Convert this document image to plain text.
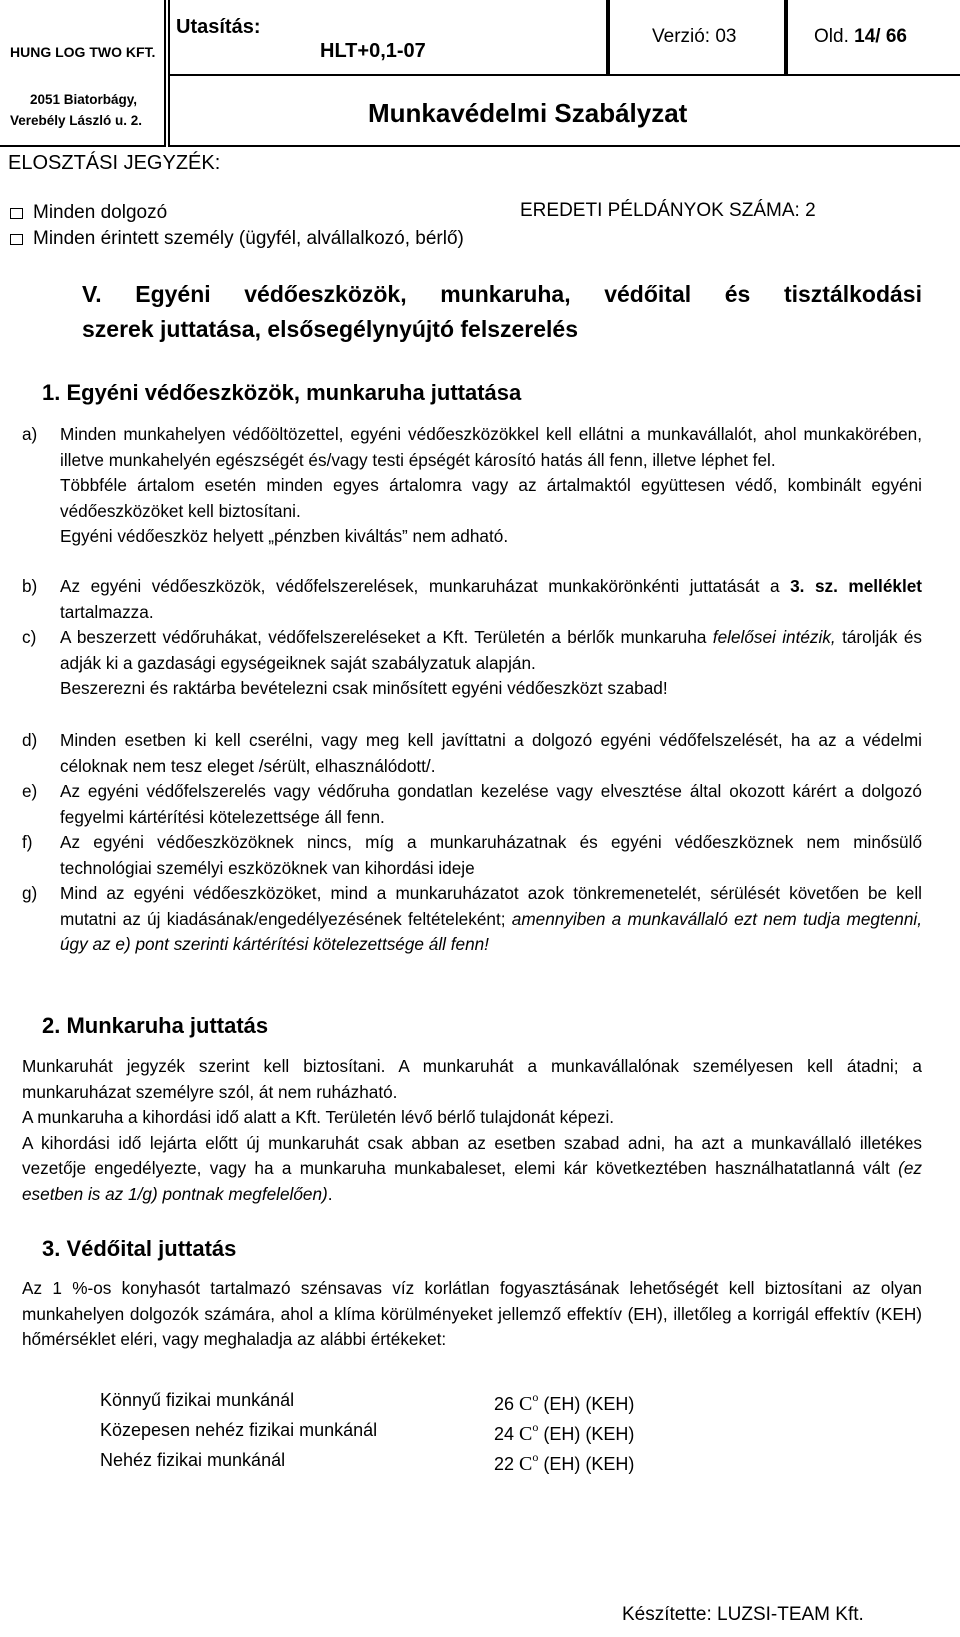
HUNG LOG TWO KFT.
2051 Biatorbágy,
Verebély László u. 2.
Utasítás:
HLT+0,1-07
Verzió: 03	Old. 14/ 66
Munkavédelmi Szabályzat
ELOSZTÁSI JEGYZÉK:
Minden dolgozó	EREDETI PÉLDÁNYOK SZÁMA: 2
Minden érintett személy (ügyfél, alvállalkozó, bérlő)
V. Egyéni védőeszközök, munkaruha, védőital és tisztálkodási
szerek juttatása, elsősegélynyújtó felszerelés
1. Egyéni védőeszközök, munkaruha juttatása
a) Minden munkahelyen védőöltözettel, egyéni védőeszközökkel kell ellátni a munkavállalót, ahol munkakörében, illetve munkahelyén egészségét és/vagy testi épségét károsító hatás áll fenn, illetve léphet fel.
Többféle ártalom esetén minden egyes ártalomra vagy az ártalmaktól együttesen védő, kombinált egyéni védőeszközöket kell biztosítani.
Egyéni védőeszköz helyett „pénzben kiváltás” nem adható.
b) Az egyéni védőeszközök, védőfelszerelések, munkaruházat munkakörönkénti juttatását a 3. sz. melléklet tartalmazza.
c) A beszerzett védőruhákat, védőfelszereléseket a Kft. Területén a bérlők munkaruha felelősei intézik, tárolják és adják ki a gazdasági egységeiknek saját szabályzatuk alapján.
Beszerezni és raktárba bevételezni csak minősített egyéni védőeszközt szabad!
d) Minden esetben ki kell cserélni, vagy meg kell javíttatni a dolgozó egyéni védőfelszelését, ha az a védelmi céloknak nem tesz eleget /sérült, elhasználódott/.
e) Az egyéni védőfelszerelés vagy védőruha gondatlan kezelése vagy elvesztése által okozott kárért a dolgozó fegyelmi kártérítési kötelezettsége áll fenn.
f) Az egyéni védőeszközöknek nincs, míg a munkaruházatnak és egyéni védőeszköznek nem minősülő technológiai személyi eszközöknek van kihordási ideje
g) Mind az egyéni védőeszközöket, mind a munkaruházatot azok tönkremenetelét, sérülését követően be kell mutatni az új kiadásának/engedélyezésének feltételeként; amennyiben a munkavállaló ezt nem tudja megtenni, úgy az e) pont szerinti kártérítési kötelezettsége áll fenn!
2. Munkaruha juttatás
Munkaruhát jegyzék szerint kell biztosítani. A munkaruhát a munkavállalónak személyesen kell átadni; a munkaruházat személyre szól, át nem ruházható.
A munkaruha a kihordási idő alatt a Kft. Területén lévő bérlő tulajdonát képezi.
A kihordási idő lejárta előtt új munkaruhát csak abban az esetben szabad adni, ha azt a munkavállaló illetékes vezetője engedélyezte, vagy ha a munkaruha munkabaleset, elemi kár következtében használhatatlanná vált (ez esetben is az 1/g) pontnak megfelelően).
3. Védőital juttatás
Az 1 %-os konyhasót tartalmazó szénsavas víz korlátlan fogyasztásának lehetőségét kell biztosítani az olyan munkahelyen dolgozók számára, ahol a klíma körülményeket jellemző effektív (EH), illetőleg a korrigál effektív (KEH) hőmérséklet eléri, vagy meghaladja az alábbi értékeket:
Könnyű fizikai munkánál	26 $C^o$ (EH) (KEH)
Közepesen nehéz fizikai munkánál	24 $C^o$ (EH) (KEH)
Nehéz fizikai munkánál	22 $C^o$ (EH) (KEH)
Készítette: LUZSI-TEAM Kft.
